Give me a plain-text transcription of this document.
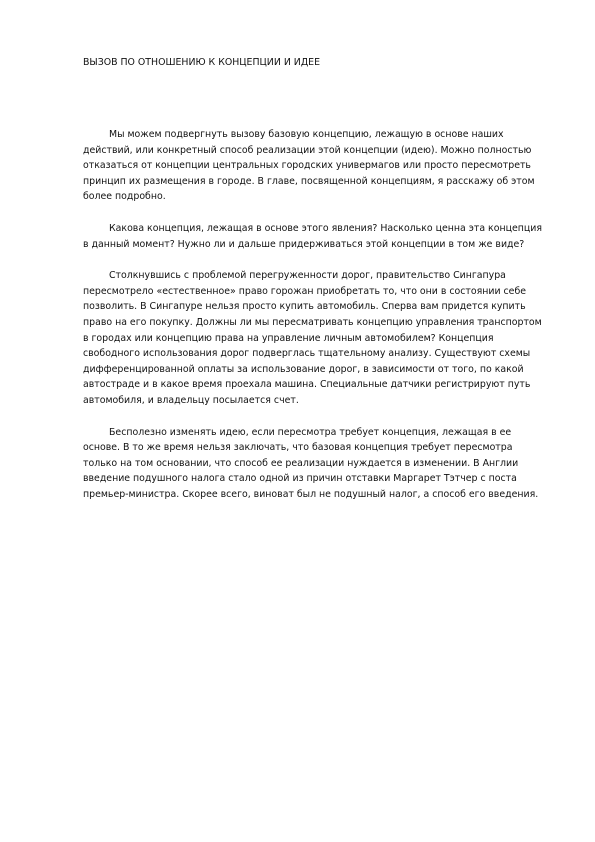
ВЫЗОВ ПО ОТНОШЕНИЮ К КОНЦЕПЦИИ И ИДЕЕ

Мы можем подвергнуть вызову базовую концепцию, лежащую в основе наших действий, или конкретный способ реализации этой концепции (идею). Можно полностью отказаться от концепции центральных городских универмагов или просто пересмотреть принцип их размещения в городе. В главе, посвященной концепциям, я расскажу об этом более подробно.

Какова концепция, лежащая в основе этого явления? Насколько ценна эта концепция в данный момент? Нужно ли и дальше придерживаться этой концепции в том же виде?

Столкнувшись с проблемой перегруженности дорог, правительство Сингапура пересмотрело «естественное» право горожан приобретать то, что они в состоянии себе позволить. В Сингапуре нельзя просто купить автомобиль. Сперва вам придется купить право на его покупку. Должны ли мы пересматривать концепцию управления транспортом в городах или концепцию права на управление личным автомобилем? Концепция свободного использования дорог подверглась тщательному анализу. Существуют схемы дифференцированной оплаты за использование дорог, в зависимости от того, по какой автостраде и в какое время проехала машина. Специальные датчики регистрируют путь автомобиля, и владельцу посылается счет.

Бесполезно изменять идею, если пересмотра требует концепция, лежащая в ее основе. В то же время нельзя заключать, что базовая концепция требует пересмотра только на том основании, что способ ее реализации нуждается в изменении. В Англии введение подушного налога стало одной из причин отставки Маргарет Тэтчер с поста премьер-министра. Скорее всего, виноват был не подушный налог, а способ его введения.
